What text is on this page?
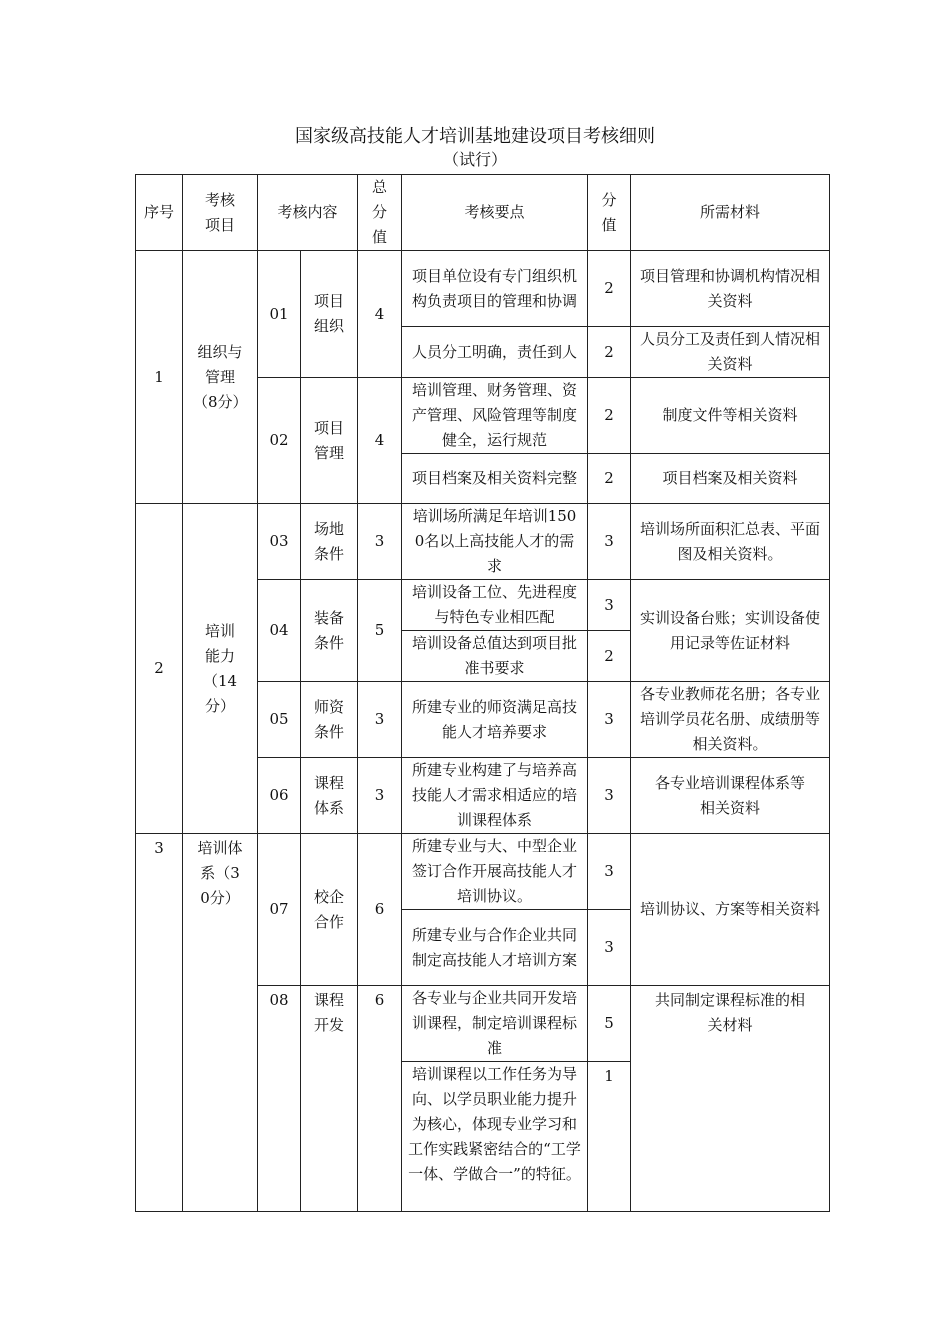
国家级高技能人才培训基地建设项目考核细则
（试行）
序号	考核项目	考核内容		总分值	考核要点	分值	所需材料
1	组织与管理（8分）	01	项目组织	4	项目单位设有专门组织机构负责项目的管理和协调	2	项目管理和协调机构情况相关资料
					人员分工明确，责任到人	2	人员分工及责任到人情况相关资料
		02	项目管理	4	培训管理、财务管理、资产管理、风险管理等制度健全，运行规范	2	制度文件等相关资料
					项目档案及相关资料完整	2	项目档案及相关资料
2	培训能力（14分）	03	场地条件	3	培训场所满足年培训1500名以上高技能人才的需求	3	培训场所面积汇总表、平面图及相关资料。
		04	装备条件	5	培训设备工位、先进程度与特色专业相匹配	3	实训设备台账；实训设备使用记录等佐证材料
					培训设备总值达到项目批准书要求	2	
		05	师资条件	3	所建专业的师资满足高技能人才培养要求	3	各专业教师花名册；各专业培训学员花名册、成绩册等相关资料。
		06	课程体系	3	所建专业构建了与培养高技能人才需求相适应的培训课程体系	3	各专业培训课程体系等相关资料
3	培训体系（30分）	07	校企合作	6	所建专业与大、中型企业签订合作开展高技能人才培训协议。	3	培训协议、方案等相关资料
					所建专业与合作企业共同制定高技能人才培训方案	3	
		08	课程开发	6	各专业与企业共同开发培训课程，制定培训课程标准	5	共同制定课程标准的相关材料
					培训课程以工作任务为导向、以学员职业能力提升为核心，体现专业学习和工作实践紧密结合的“工学一体、学做合一”的特征。	1	
